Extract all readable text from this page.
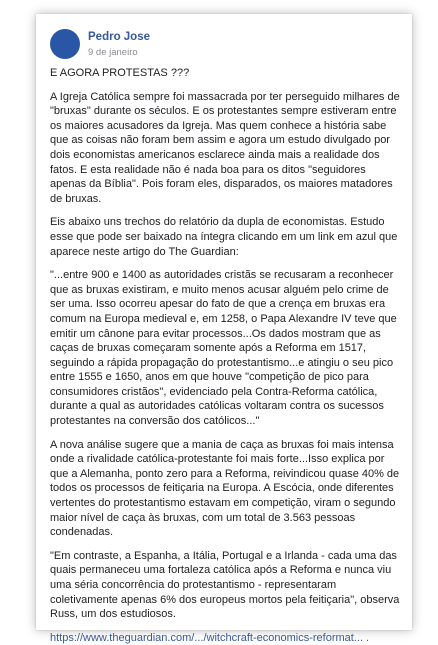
Pedro Jose
9 de janeiro

E AGORA PROTESTAS ???

A Igreja Católica sempre foi massacrada por ter perseguido milhares de "bruxas" durante os séculos. E os protestantes sempre estiveram entre os maiores acusadores da Igreja. Mas quem conhece a história sabe que as coisas não foram bem assim e agora um estudo divulgado por dois economistas americanos esclarece ainda mais a realidade dos fatos. E esta realidade não é nada boa para os ditos "seguidores apenas da Bíblia". Pois foram eles, disparados, os maiores matadores de bruxas.

Eis abaixo uns trechos do relatório da dupla de economistas. Estudo esse que pode ser baixado na íntegra clicando em um link em azul que aparece neste artigo do The Guardian:

"...entre 900 e 1400 as autoridades cristãs se recusaram a reconhecer que as bruxas existiram, e muito menos acusar alguém pelo crime de ser uma. Isso ocorreu apesar do fato de que a crença em bruxas era comum na Europa medieval e, em 1258, o Papa Alexandre IV teve que emitir um cânone para evitar processos...Os dados mostram que as caças de bruxas começaram somente após a Reforma em 1517, seguindo a rápida propagação do protestantismo...e atingiu o seu pico entre 1555 e 1650, anos em que houve "competição de pico para consumidores cristãos", evidenciado pela Contra-Reforma católica, durante a qual as autoridades católicas voltaram contra os sucessos protestantes na conversão dos católicos..."

A nova análise sugere que a mania de caça as bruxas foi mais intensa onde a rivalidade católica-protestante foi mais forte...Isso explica por que a Alemanha, ponto zero para a Reforma, reivindicou quase 40% de todos os processos de feitiçaria na Europa. A Escócia, onde diferentes vertentes do protestantismo estavam em competição, viram o segundo maior nível de caça às bruxas, com um total de 3.563 pessoas condenadas.

"Em contraste, a Espanha, a Itália, Portugal e a Irlanda - cada uma das quais permaneceu uma fortaleza católica após a Reforma e nunca viu uma séria concorrência do protestantismo - representaram coletivamente apenas 6% dos europeus mortos pela feitiçaria", observa Russ, um dos estudiosos.

https://www.theguardian.com/.../witchcraft-economics-reformat... .
